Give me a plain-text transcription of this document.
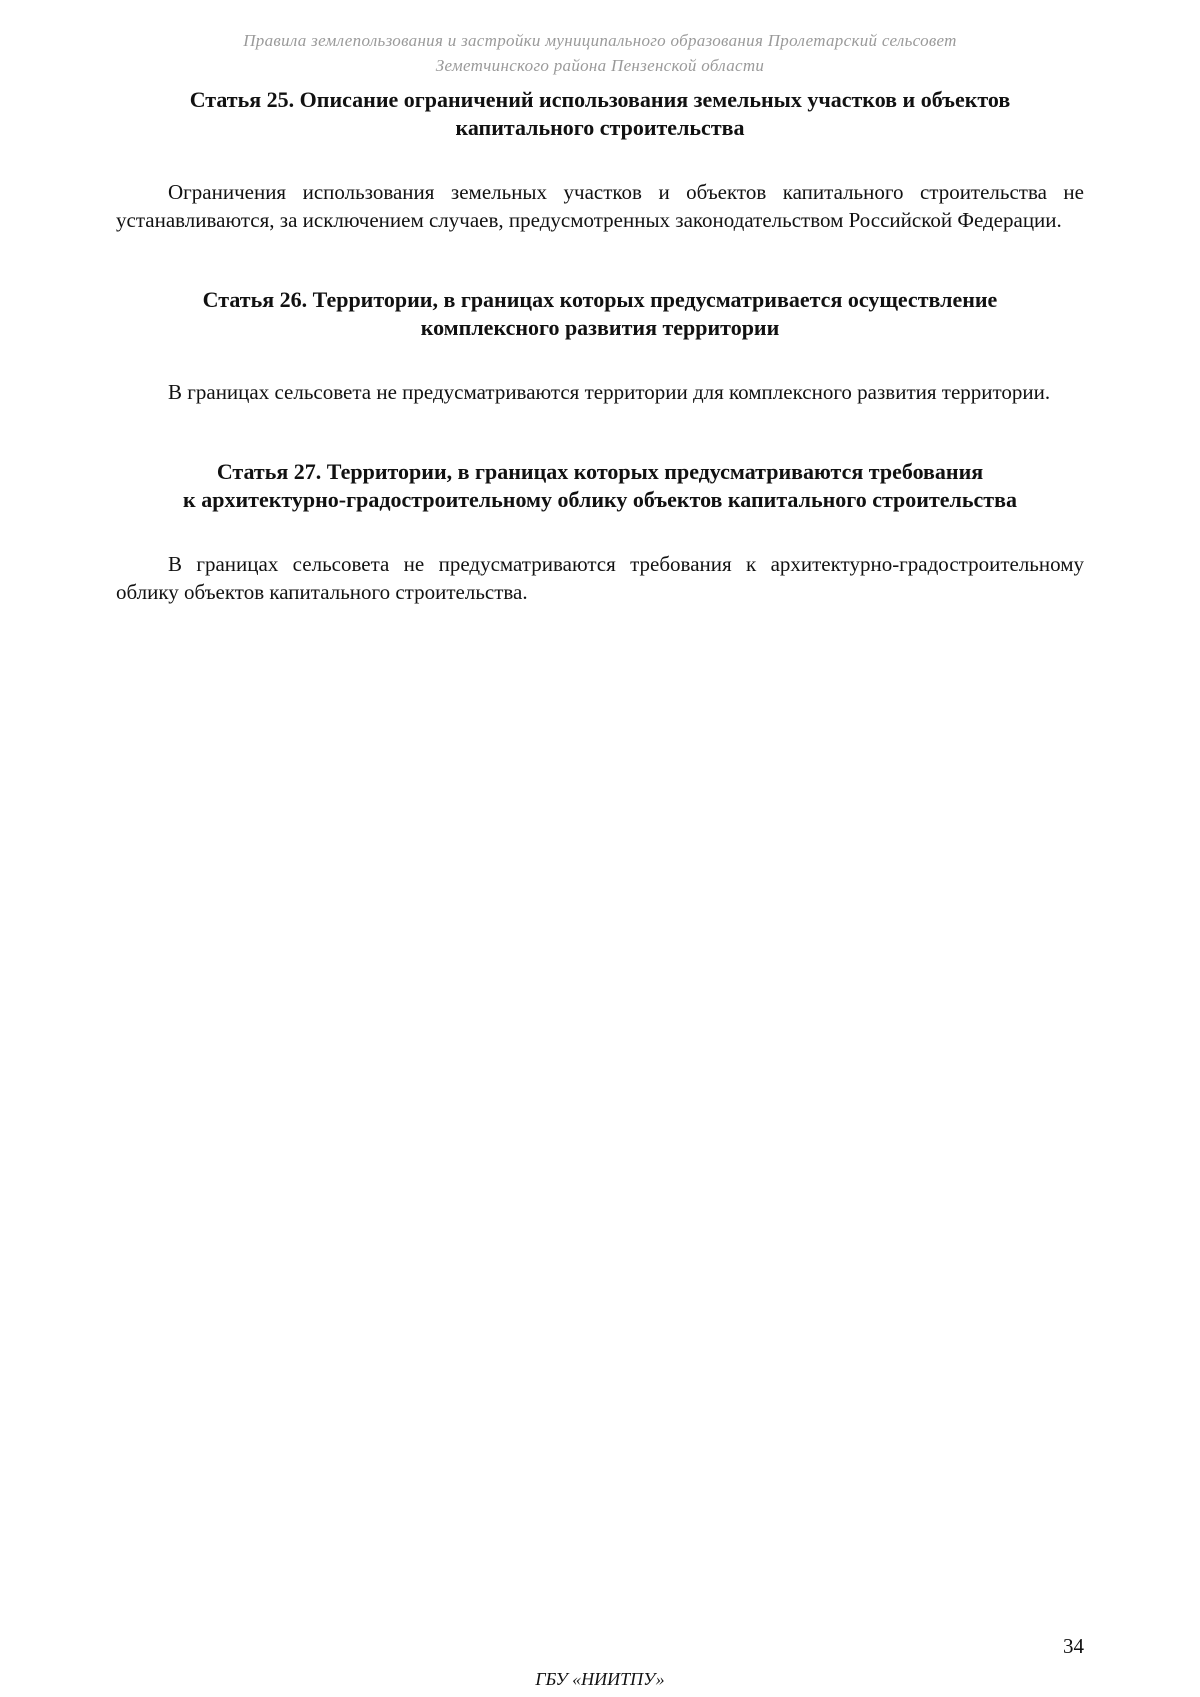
Правила землепользования и застройки муниципального образования Пролетарский сельсовет
Земетчинского района Пензенской области
Статья 25. Описание ограничений использования земельных участков и объектов
капитального строительства

Ограничения использования земельных участков и объектов капитального строительства не устанавливаются, за исключением случаев, предусмотренных законодательством Российской Федерации.

Статья 26. Территории, в границах которых предусматривается осуществление
комплексного развития территории

В границах сельсовета не предусматриваются территории для комплексного развития территории.

Статья 27. Территории, в границах которых предусматриваются требования
к архитектурно-градостроительному облику объектов капитального строительства

В границах сельсовета не предусматриваются требования к архитектурно-градостроительному облику объектов капитального строительства.

34
ГБУ «НИИТПУ»
